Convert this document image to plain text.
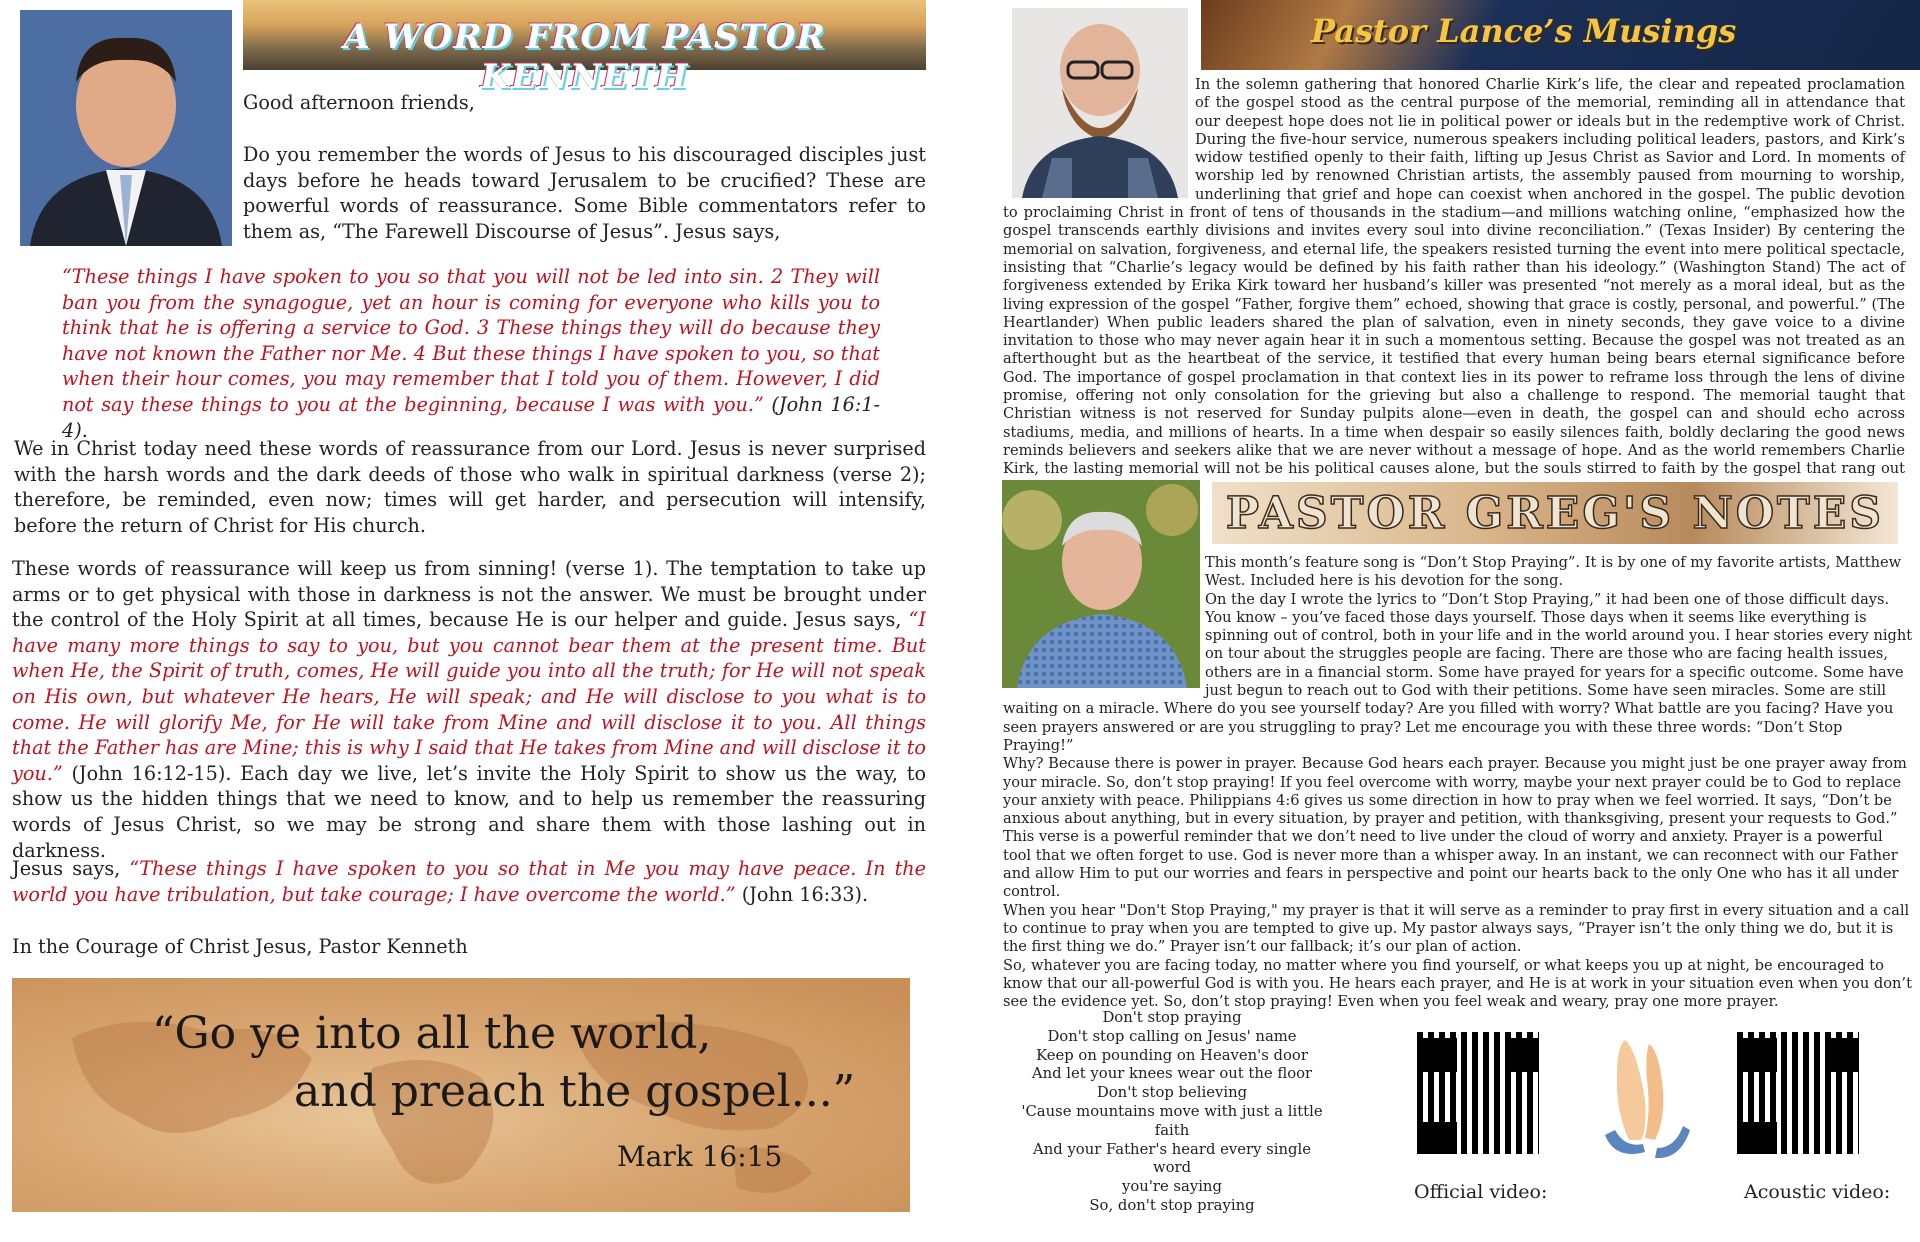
A WORD FROM PASTOR KENNETH

Good afternoon friends,

Do you remember the words of Jesus to his discouraged disciples just days before he heads toward Jerusalem to be crucified? These are powerful words of reassurance. Some Bible commentators refer to them as, “The Farewell Discourse of Jesus”. Jesus says,

“These things I have spoken to you so that you will not be led into sin. 2 They will ban you from the synagogue, yet an hour is coming for everyone who kills you to think that he is offering a service to God. 3 These things they will do because they have not known the Father nor Me. 4 But these things I have spoken to you, so that when their hour comes, you may remember that I told you of them. However, I did not say these things to you at the beginning, because I was with you.” (John 16:1-4).

We in Christ today need these words of reassurance from our Lord. Jesus is never surprised with the harsh words and the dark deeds of those who walk in spiritual darkness (verse 2); therefore, be reminded, even now; times will get harder, and persecution will intensify, before the return of Christ for His church.

These words of reassurance will keep us from sinning! (verse 1). The temptation to take up arms or to get physical with those in darkness is not the answer. We must be brought under the control of the Holy Spirit at all times, because He is our helper and guide. Jesus says, “I have many more things to say to you, but you cannot bear them at the present time. But when He, the Spirit of truth, comes, He will guide you into all the truth; for He will not speak on His own, but whatever He hears, He will speak; and He will disclose to you what is to come. He will glorify Me, for He will take from Mine and will disclose it to you. All things that the Father has are Mine; this is why I said that He takes from Mine and will disclose it to you.” (John 16:12-15). Each day we live, let’s invite the Holy Spirit to show us the way, to show us the hidden things that we need to know, and to help us remember the reassuring words of Jesus Christ, so we may be strong and share them with those lashing out in darkness.

Jesus says, “These things I have spoken to you so that in Me you may have peace. In the world you have tribulation, but take courage; I have overcome the world.” (John 16:33).

In the Courage of Christ Jesus, Pastor Kenneth

“Go ye into all the world,
and preach the gospel...”
Mark 16:15
Pastor Lance’s Musings

In the solemn gathering that honored Charlie Kirk’s life, the clear and repeated proclamation of the gospel stood as the central purpose of the memorial, reminding all in attendance that our deepest hope does not lie in political power or ideals but in the redemptive work of Christ. During the five-hour service, numerous speakers including political leaders, pastors, and Kirk’s widow testified openly to their faith, lifting up Jesus Christ as Savior and Lord. In moments of worship led by renowned Christian artists, the assembly paused from mourning to worship, underlining that grief and hope can coexist when anchored in the gospel. The public devotion to proclaiming Christ in front of tens of thousands in the stadium—and millions watching online, “emphasized how the gospel transcends earthly divisions and invites every soul into divine reconciliation.” (Texas Insider) By centering the memorial on salvation, forgiveness, and eternal life, the speakers resisted turning the event into mere political spectacle, insisting that “Charlie’s legacy would be defined by his faith rather than his ideology.” (Washington Stand) The act of forgiveness extended by Erika Kirk toward her husband’s killer was presented “not merely as a moral ideal, but as the living expression of the gospel “Father, forgive them” echoed, showing that grace is costly, personal, and powerful.” (The Heartlander) When public leaders shared the plan of salvation, even in ninety seconds, they gave voice to a divine invitation to those who may never again hear it in such a momentous setting. Because the gospel was not treated as an afterthought but as the heartbeat of the service, it testified that every human being bears eternal significance before God. The importance of gospel proclamation in that context lies in its power to reframe loss through the lens of divine promise, offering not only consolation for the grieving but also a challenge to respond. The memorial taught that Christian witness is not reserved for Sunday pulpits alone—even in death, the gospel can and should echo across stadiums, media, and millions of hearts. In a time when despair so easily silences faith, boldly declaring the good news reminds believers and seekers alike that we are never without a message of hope. And as the world remembers Charlie Kirk, the lasting memorial will not be his political causes alone, but the souls stirred to faith by the gospel that rang out

PASTOR GREG'S NOTES

This month’s feature song is “Don’t Stop Praying”. It is by one of my favorite artists, Matthew West. Included here is his devotion for the song.

On the day I wrote the lyrics to “Don’t Stop Praying,” it had been one of those difficult days. You know – you’ve faced those days yourself. Those days when it seems like everything is spinning out of control, both in your life and in the world around you. I hear stories every night on tour about the struggles people are facing. There are those who are facing health issues, others are in a financial storm. Some have prayed for years for a specific outcome. Some have just begun to reach out to God with their petitions. Some have seen miracles. Some are still waiting on a miracle. Where do you see yourself today? Are you filled with worry? What battle are you facing? Have you seen prayers answered or are you struggling to pray? Let me encourage you with these three words: “Don’t Stop Praying!”

Why? Because there is power in prayer. Because God hears each prayer. Because you might just be one prayer away from your miracle. So, don’t stop praying! If you feel overcome with worry, maybe your next prayer could be to God to replace your anxiety with peace. Philippians 4:6 gives us some direction in how to pray when we feel worried. It says, “Don’t be anxious about anything, but in every situation, by prayer and petition, with thanksgiving, present your requests to God.”

This verse is a powerful reminder that we don’t need to live under the cloud of worry and anxiety. Prayer is a powerful tool that we often forget to use. God is never more than a whisper away. In an instant, we can reconnect with our Father and allow Him to put our worries and fears in perspective and point our hearts back to the only One who has it all under control.

When you hear "Don't Stop Praying," my prayer is that it will serve as a reminder to pray first in every situation and a call to continue to pray when you are tempted to give up. My pastor always says, “Prayer isn’t the only thing we do, but it is the first thing we do.” Prayer isn’t our fallback; it’s our plan of action.

So, whatever you are facing today, no matter where you find yourself, or what keeps you up at night, be encouraged to know that our all-powerful God is with you. He hears each prayer, and He is at work in your situation even when you don’t see the evidence yet. So, don’t stop praying! Even when you feel weak and weary, pray one more prayer.

Don't stop praying
Don't stop calling on Jesus' name
Keep on pounding on Heaven's door
And let your knees wear out the floor
Don't stop believing
'Cause mountains move with just a little
faith
And your Father's heard every single word
you're saying
So, don't stop praying
Official video:	Acoustic video:
